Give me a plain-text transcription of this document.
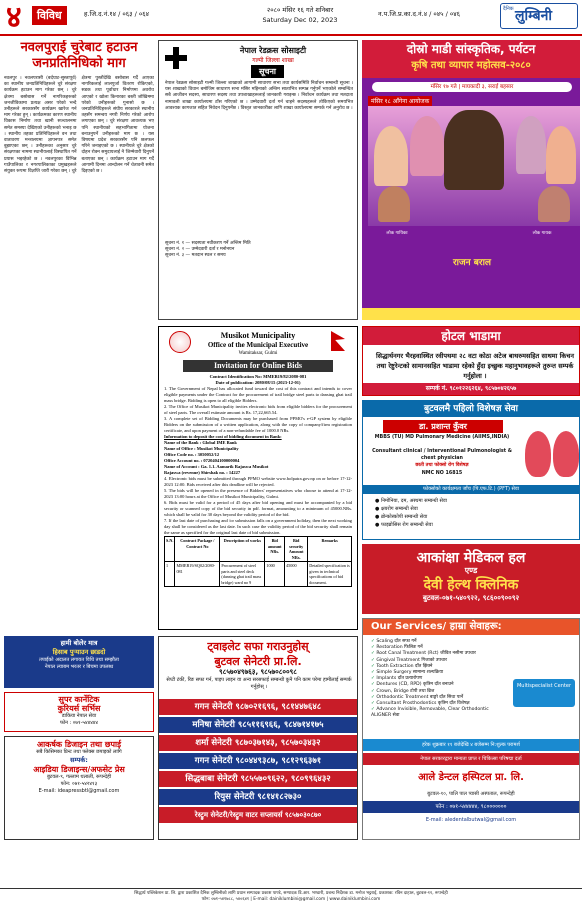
४	विविध	ह.जि.द.नं.१४ / ०६३ / ०६४	२०८० मंसिर १६ गते शनिबार
Saturday Dec 02, 2023
न.प.जि.प्र.का.द.नं.४ / ०४५ / ०४६
दैनिक लुम्बिनी
नवलपुराई चुरेबाट हटाउन जनप्रतिनिधिको माग
नवलपुर । नवलपरासी (बर्दघाट-सुस्तापूर्व) का स्थानीय जनप्रतिनिधिहरूले चुरे संरक्षण कार्यक्रम हटाउन माग गरेका छन् । चुरे क्षेत्रमा बसोबास गर्ने नागरिकहरूको जनजीविकामा प्रत्यक्ष असर परेको भन्दै उनीहरूले सरकारसँग कार्यक्रम खारेज गर्न माग गरेका हुन् । कार्यक्रमका कारण स्थानीय विकास निर्माण तथा खानी सञ्चालनमा समेत समस्या देखिएको उनीहरूको भनाइ छ । स्थानीय तहका प्रतिनिधिहरूले वन तथा वातावरण मन्त्रालयमा ज्ञापनपत्र समेत बुझाएका छन् । उनीहरूका अनुसार चुरे संरक्षणका नाममा स्थानीयलाई विस्थापित गर्ने प्रयास भइरहेको छ । नवलपुरका विभिन्न गाउँपालिका र नगरपालिकाका प्रमुखहरूले संयुक्त रूपमा विज्ञप्ति जारी गरेका छन् । चुरे क्षेत्रमा पुस्तौंदेखि बसोबास गर्दै आएका नागरिकलाई लालपुर्जा वितरण रोकिएको, सडक तथा पूर्वाधार निर्माणमा अवरोध आएको र खोला किनारका बस्ती जोखिममा परेको उनीहरूको गुनासो छ । जनप्रतिनिधिहरूले संघीय सरकारले स्थानीय तहसँग समन्वय नगरी निर्णय गरेको आरोप लगाएका छन् । चुरे संरक्षण आवश्यक भए पनि स्थानीयको सहभागितामा योजना बनाउनुपर्ने उनीहरूको माग छ । यस विषयमा प्रदेश सरकारसँग पनि छलफल गरिने जनाइएको छ । स्थानीयले चुरे क्षेत्रको दोहन रोक्न समुदायलाई नै जिम्मेवारी दिनुपर्ने बताएका छन् । कार्यक्रम हटाउन माग गर्दै आगामी दिनमा आन्दोलन गर्ने चेतावनी समेत दिइएको छ ।
नेपाल रेडक्रस सोसाइटी
गल्मी जिल्ला शाखा
सूचना
नेपाल रेडक्रस सोसाइटी गल्मी जिल्ला शाखाको आगामी साधारण सभा तथा कार्यसमिति निर्वाचन सम्बन्धी सूचना । यस शाखाको विधान बमोजिम साधारण सभा मंसिर महिनाको अन्तिम साताभित्र सम्पन्न गर्नुपर्ने भएकोले सम्बन्धित सबै आजीवन सदस्य, साधारण सदस्य तथा उपशाखाहरूलाई जानकारी गराइन्छ । निर्वाचन कार्यक्रम तथा मतदाता नामावली शाखा कार्यालयमा टाँस गरिएको छ । उम्मेदवारी दर्ता गर्न चाहने सदस्यहरूले तोकिएको समयभित्र आवश्यक कागजात सहित निवेदन दिनुपर्नेछ । विस्तृत जानकारीका लागि शाखा कार्यालयमा सम्पर्क गर्न अनुरोध छ ।
सूचना नं. १ — सदस्यता नवीकरण गर्ने अन्तिम मिति
सूचना नं. २ — उम्मेदवारी दर्ता र मनोनयन
सूचना नं. ३ — मतदान स्थल र समय
दोस्रो माडी सांस्कृतिक, पर्यटन
कृषि तथा व्यापार महोत्सव-२०८०
मंसिर १७ गते | माघकादी ३, सराई बहसार
मंसिर १८ आँगेना आयोजक
लोक गायिका	लोक गायक
राजन बराल
Musikot Municipality
Office of the Municipal Executive
Wamitaksar, Gulmi
Invitation for Online Bids
Contract Identification No: MMEB19/82/2080-081
Date of publication: 2080/08/15 (2023-12-01)
1. The Government of Nepal has allocated fund toward the cost of this contract and intends to cover eligible payments under the Contract for the procurement of trail bridge steel parts to dansing ghat trail mass bridge. Bidding is open to all eligible Bidders.
2. The Office of Musikot Municipality invites electronic bids from eligible bidders for the procurement of steel parts. The overall estimate amount is Rs. 17,22,665.54.
3. A complete set of Bidding Documents may be purchased from PPMO's e-GP system by eligible Bidders on the submission of a written application, along with the copy of company/firm registration certificate, and upon payment of a non-refundable fee of 1000.0 NRs.
Information to deposit the cost of bidding document in Bank:
Name of the Bank : Global IME Bank
Name of Office : Musikot Municipality
Office Code no. : 3050052/12
Office Account no. : 0720404100000004
Name of Account : Ga. 1.1. Aamarik Rajaswa Musikot
Rajaswa (revenue) Shirshak no. : 14227
4. Electronic bids must be submitted through PPMO website www.bolpatra.gov.np on or before 17-12-2023 12:00. Bids received after this deadline will be rejected.
5. The bids will be opened in the presence of Bidders' representatives who choose to attend at 17-12-2023 13:00 hours at the Office of Musikot Municipality, Gulmi.
6. Bids must be valid for a period of 45 days after bid opening and must be accompanied by a bid security or scanned copy of the bid security in pdf. format, amounting to a minimum of 45000.NRs. which shall be valid for 30 days beyond the validity period of the bid.
7. If the last date of purchasing and /or submission falls on a government holiday, then the next working day shall be considered as the last date. In such case the validity period of the bid security shall remain the same as specified for the original last date of bid submission.
S.N.	Contract Package / Contract No	Description of works	Bid amount NRs.	Bid security Amount NRs.	Remarks
1	MMEB19/SQ02/2080-081	Procurement of steel parts and steel deck (dansing ghat trail mass bridge) ward no 9	1000	45000	Detailed specification is given in technical specifications of bid document.
होटल भाडामा
सिद्धार्थनगर भैरहवास्थित रवीपथमा २८ वटा कोठा अटेज बाथरुमसहित साथमा किचन तथा रेष्टुरेन्टको सामानसहित भाडामा रहेको हुँदा इच्छुक महानुभावहरूले तुरुन्त सम्पर्क गर्नुहोला ।
सम्पर्क नं. ९८०१२२६२६४, ९८५७०४२६५७
बुटवलमै पहिलो विशेषज्ञ सेवा
डा. प्रशान्त कुँवर
MBBS (TU) MD Pulmonary Medicine (AIIMS,INDIA)
Consultant clinical / Interventional Pulmonologist & chest physician
छाती तथा फोक्सो रोग विशेषज्ञ
NMC NO 16815
फोक्सोको कार्यक्षमता जाँच (पि.एफ.टि.) (PFT) सेवा
● निमोनिया, दम, अस्थमा सम्बन्धी सेवा
● क्षयरोग सम्बन्धी सेवा
● ब्रोन्कोस्कोपी सम्बन्धी सेवा
● फाइब्रोसिस रोग सम्बन्धी सेवा
आकांक्षा मेडिकल हल
एण्ड
देवी हेल्थ क्लिनिक
बुटवल-०७१-५४०९२२, ९८६००९००९२
हामी बोलेर मात्र
हिसाब पुऱ्याउन छाडदो
तपाईंको अदालत लगायत विधि तथा सम्झौता
नेपाल ल्याबम भरतर र बिचमा उपलब्ध
सुपर कार्नेटिक
कुरियर्स सर्भिस
डाकिया नेपाल सेवा
फोन : ०७१-५४४४४४
आकर्षक डिजाइन तथा छपाई
सबै किसिमका प्रिन्ट तथा फ्लेक्स छपाइको लागि
सम्पर्क:
आइडिया डिजाइन्स/अफसेट प्रेस
बुटवल-९, गल्लाम थलाली, रूपन्देही
फोन: ०७१-५४२४१३
E-mail: ideapressbtl@gmail.com
ट्वाइलेट सफा गराउनुहोस्
बुटवल सेनेटरी प्रा.लि.
९८५७०४९७६३, ९८५७०८००९८
सेप्टी टंकी, रिङ सफा गर्न, पाइप लाइन वा अन्य सरसफाई सम्बन्धी कुनै पनि काम परेमा हामीलाई सम्पर्क गर्नुहोस् ।
गगन सेनेटरी ९८७०२१६९६, ९८१४४७६४८
मनिषा सेनेटरी ९८५११६९६६, ९८४७१४१७५
शर्मा सेनेटरी ९८७०३७१४३, ९८५७०३४३२
गगन सेनेटरी ९८०४४९३८७, ९८१२९६३७१
सिद्धबाबा सेनेटरी ९८५५७०९६२२, ९८०९९६४३२
रियुस सेनेटरी ९८१४१८२७३०
रेस्ट्रुम सेनेटरी/रेस्ट्रुम वाटर सप्लायर्स ९८५७०३०८७०
Our Services/ हाम्रा सेवाहरू:
✓ Scaling दाँत सफा गर्ने
✓ Restoration फिलिङ गर्ने
✓ Root Canal Treatment (Rct) जीवित नसीमा उपचार
✓ Gingival Treatment गिजाको उपचार
✓ Tooth Extraction दाँत झिक्ने
✓ Simple Surgery सामान्य शल्यक्रिया
✓ Implants दाँत प्रत्यारोपण
✓ Dentures (CD, RPD) कृत्रिम दाँत बनाउने
✓ Crown, Bridge टोपी तथा ब्रिज
✓ Orthodontic Treatment बाङ्गो दाँत सिधा पार्ने
✓ Consultant Prosthodontics कृत्रिम दाँत विशेषज्ञ
✓ Advance Invisible, Removable, Clear Orthodontic ALIGNER सेवा
Multispecialist Center
हरेक शुक्रबार ११ बजेदेखि ४ बजेसम्म नि:शुल्क परामर्श
नेपाल सरकारद्वारा मान्यता प्राप्त र चिकित्सा परिषद्मा दर्ता
आले डेन्टल हस्पिटल प्रा. लि.
बुटवल-१०, पालि पाल प्यासी अस्पताल, रूपन्देही
फोन : ०७१-५४४४४४, ९८०००००००
E-mail: aledentalbutwal@gmail.com
सिद्धार्थ पब्लिकेशन प्रा. लि. द्वारा प्रकाशित दैनिक लुम्बिनीको लागि प्रधान सम्पादक प्रकाश पाण्डे, सम्पादक डि.आर. भण्डारी, प्रबन्ध निर्देशक डा. मनोज भट्टराई, प्रकाशक: रविन दाहाल, बुटवल-११, रूपन्देही
फोन: ०७१-५४१७८८, ५४०६४१ | E-mail: dainiklumbini@gmail.com | www.dainiklumbini.com
